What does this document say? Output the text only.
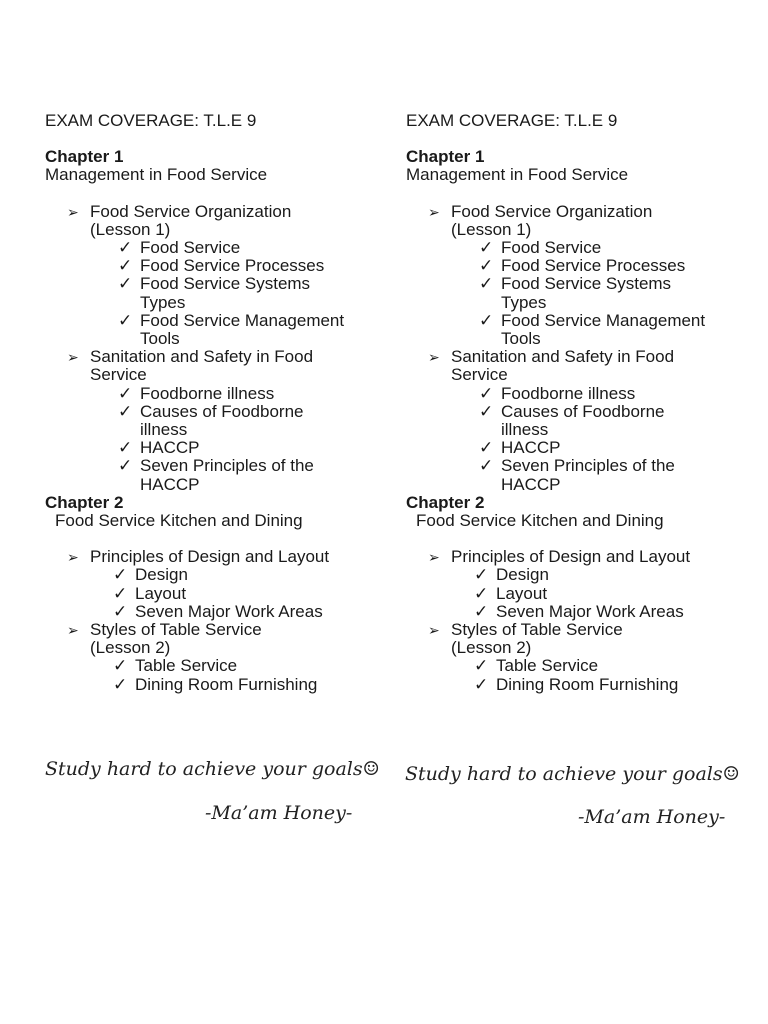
EXAM COVERAGE: T.L.E 9
Chapter 1
Management in Food Service
➢ Food Service Organization
(Lesson 1)
✓ Food Service
✓ Food Service Processes
✓ Food Service Systems
Types
✓ Food Service Management
Tools
➢ Sanitation and Safety in Food
Service
✓ Foodborne illness
✓ Causes of Foodborne
illness
✓ HACCP
✓ Seven Principles of the
HACCP
Chapter 2
Food Service Kitchen and Dining
➢ Principles of Design and Layout
✓ Design
✓ Layout
✓ Seven Major Work Areas
➢ Styles of Table Service
(Lesson 2)
✓ Table Service
✓ Dining Room Furnishing
EXAM COVERAGE: T.L.E 9
Chapter 1
Management in Food Service
➢ Food Service Organization
(Lesson 1)
✓ Food Service
✓ Food Service Processes
✓ Food Service Systems
Types
✓ Food Service Management
Tools
➢ Sanitation and Safety in Food
Service
✓ Foodborne illness
✓ Causes of Foodborne
illness
✓ HACCP
✓ Seven Principles of the
HACCP
Chapter 2
Food Service Kitchen and Dining
➢ Principles of Design and Layout
✓ Design
✓ Layout
✓ Seven Major Work Areas
➢ Styles of Table Service
(Lesson 2)
✓ Table Service
✓ Dining Room Furnishing
Study hard to achieve your goals☺
-Ma’am Honey-
Study hard to achieve your goals☺
-Ma’am Honey-
